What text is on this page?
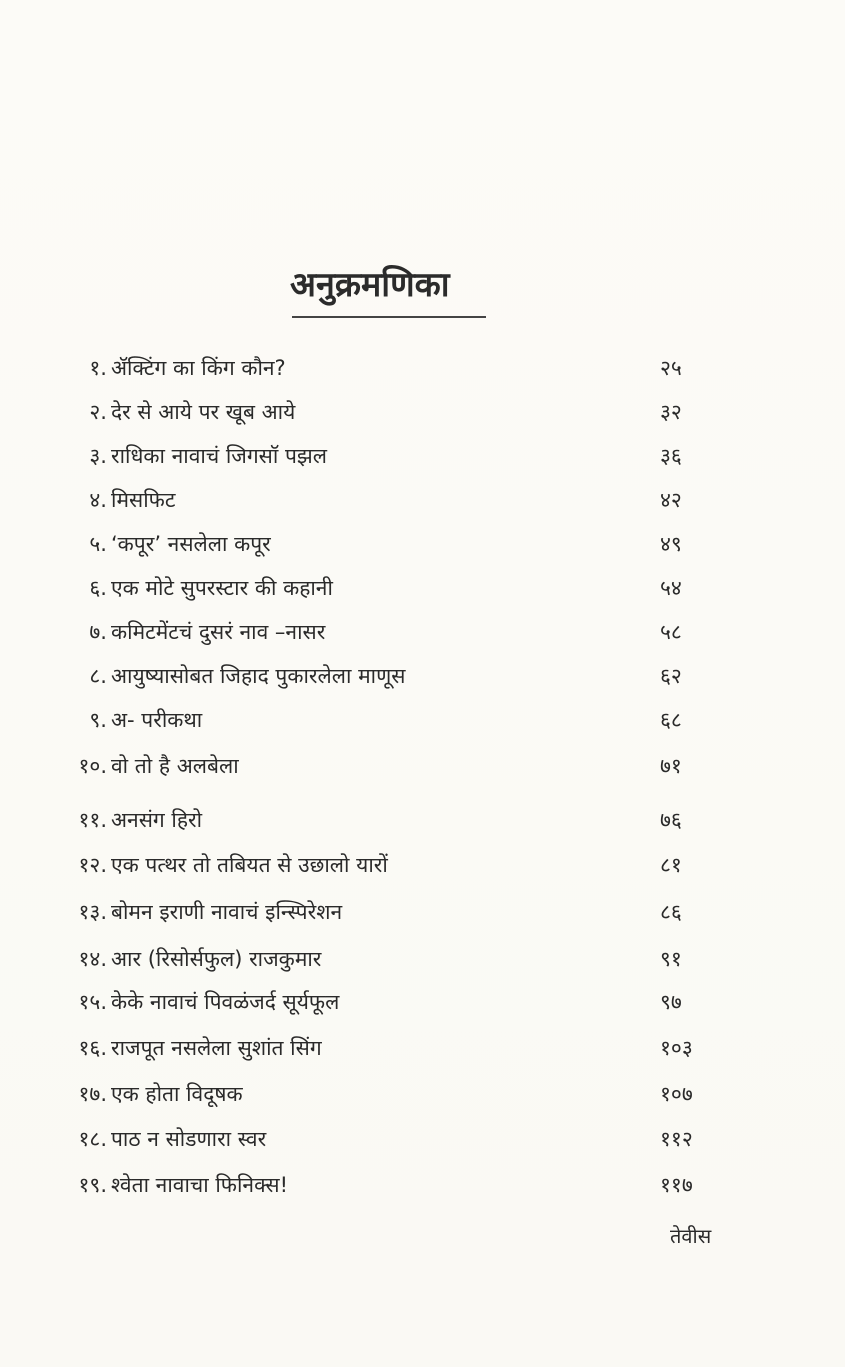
अनुक्रमणिका
१. ॲक्टिंग का किंग कौन?	२५
२. देर से आये पर खूब आये	३२
३. राधिका नावाचं जिगसॉ पझल	३६
४. मिसफिट	४२
५. ‘कपूर’ नसलेला कपूर	४९
६. एक मोटे सुपरस्टार की कहानी	५४
७. कमिटमेंटचं दुसरं नाव –नासर	५८
८. आयुष्यासोबत जिहाद पुकारलेला माणूस	६२
९. अ- परीकथा	६८
१०. वो तो है अलबेला	७१
११. अनसंग हिरो	७६
१२. एक पत्थर तो तबियत से उछालो यारों	८१
१३. बोमन इराणी नावाचं इन्स्पिरेशन	८६
१४. आर (रिसोर्सफुल) राजकुमार	९१
१५. केके नावाचं पिवळंजर्द सूर्यफूल	९७
१६. राजपूत नसलेला सुशांत सिंग	१०३
१७. एक होता विदूषक	१०७
१८. पाठ न सोडणारा स्वर	११२
१९. श्वेता नावाचा फिनिक्स!	११७
तेवीस
